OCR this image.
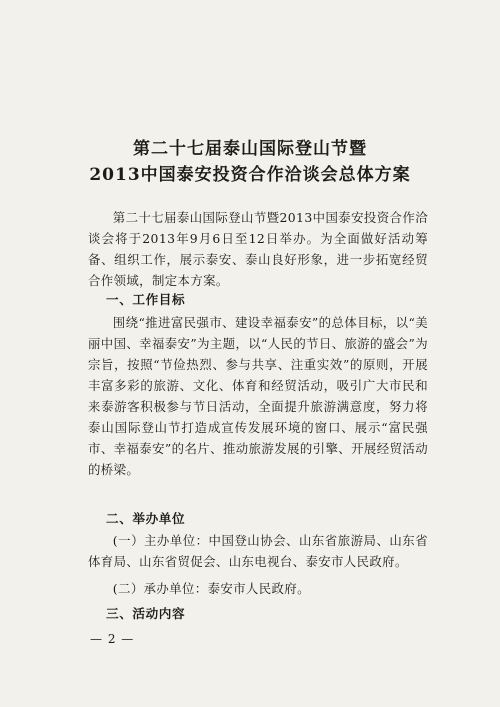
第二十七届泰山国际登山节暨
2013中国泰安投资合作洽谈会总体方案

第二十七届泰山国际登山节暨2013中国泰安投资合作洽谈会将于2013年9月6日至12日举办。为全面做好活动筹备、组织工作，展示泰安、泰山良好形象，进一步拓宽经贸合作领域，制定本方案。

一、工作目标

围绕“推进富民强市、建设幸福泰安”的总体目标，以“美丽中国、幸福泰安”为主题，以“人民的节日、旅游的盛会”为宗旨，按照“节俭热烈、参与共享、注重实效”的原则，开展丰富多彩的旅游、文化、体育和经贸活动，吸引广大市民和来泰游客积极参与节日活动，全面提升旅游满意度，努力将泰山国际登山节打造成宣传发展环境的窗口、展示“富民强市、幸福泰安”的名片、推动旅游发展的引擎、开展经贸活动的桥梁。

二、举办单位

(一）主办单位：中国登山协会、山东省旅游局、山东省体育局、山东省贸促会、山东电视台、泰安市人民政府。

(二）承办单位：泰安市人民政府。

三、活动内容
— 2 —
